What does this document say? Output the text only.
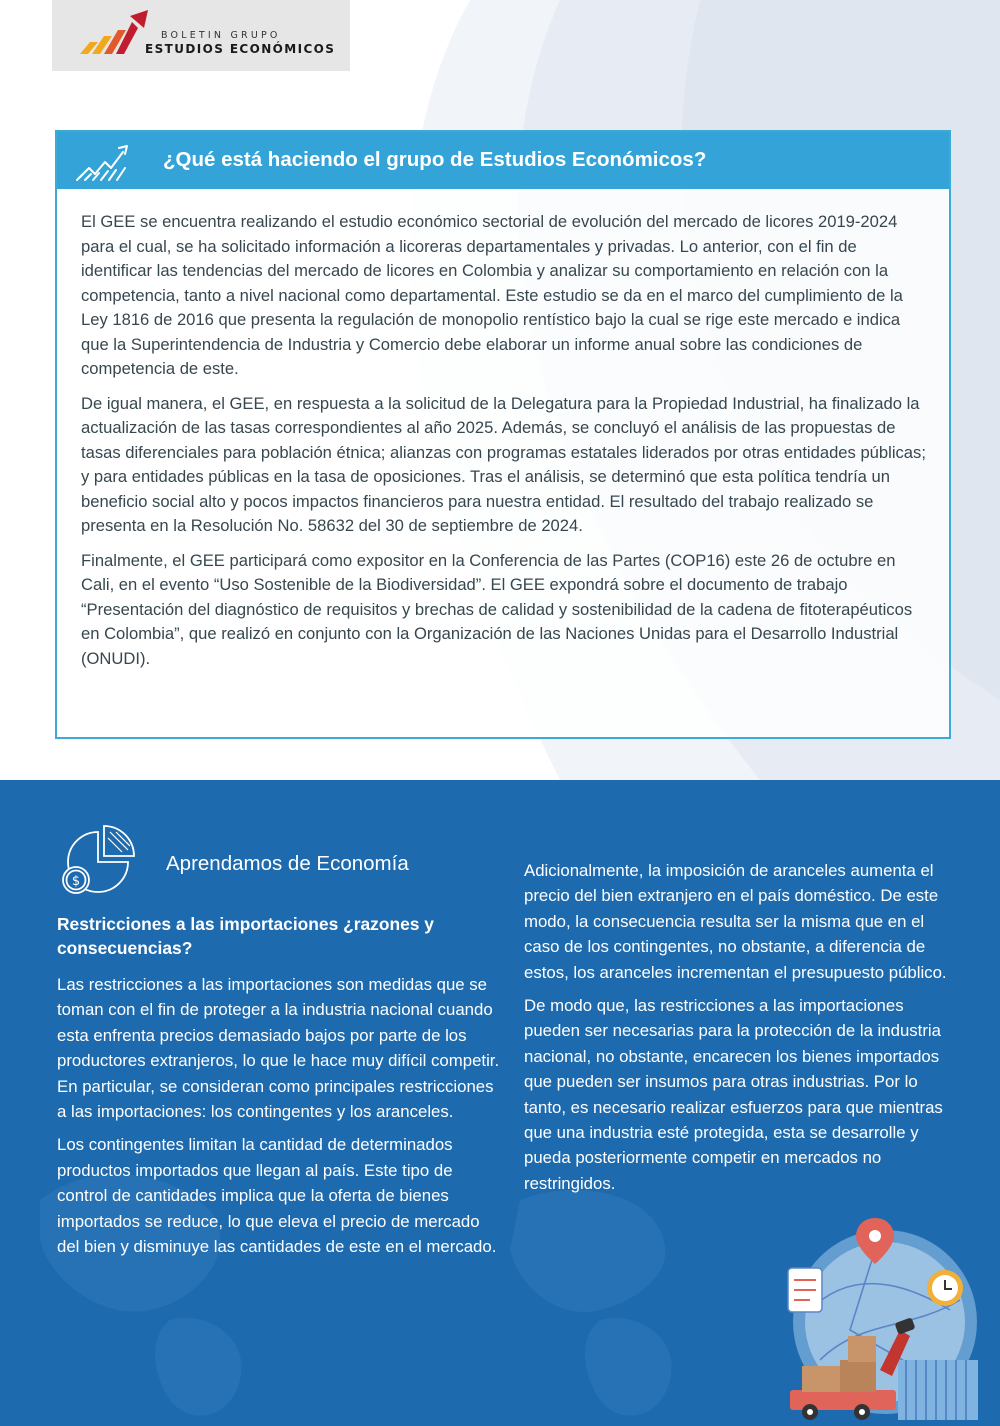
BOLETIN GRUPO
ESTUDIOS ECONÓMICOS
¿Qué está haciendo el grupo de Estudios Económicos?

El GEE se encuentra realizando el estudio económico sectorial de evolución del mercado de licores 2019-2024 para el cual, se ha solicitado información a licoreras departamentales y privadas. Lo anterior, con el fin de identificar las tendencias del mercado de licores en Colombia y analizar su comportamiento en relación con la competencia, tanto a nivel nacional como departamental. Este estudio se da en el marco del cumplimiento de la Ley 1816 de 2016 que presenta la regulación de monopolio rentístico bajo la cual se rige este mercado e indica que la Superintendencia de Industria y Comercio debe elaborar un informe anual sobre las condiciones de competencia de este.

De igual manera, el GEE, en respuesta a la solicitud de la Delegatura para la Propiedad Industrial, ha finalizado la actualización de las tasas correspondientes al año 2025. Además, se concluyó el análisis de las propuestas de tasas diferenciales para población étnica; alianzas con programas estatales liderados por otras entidades públicas; y para entidades públicas en la tasa de oposiciones. Tras el análisis, se determinó que esta política tendría un beneficio social alto y pocos impactos financieros para nuestra entidad. El resultado del trabajo realizado se presenta en la Resolución No. 58632 del 30 de septiembre de 2024.

Finalmente, el GEE participará como expositor en la Conferencia de las Partes (COP16) este 26 de octubre en Cali, en el evento “Uso Sostenible de la Biodiversidad”. El GEE expondrá sobre el documento de trabajo “Presentación del diagnóstico de requisitos y brechas de calidad y sostenibilidad de la cadena de fitoterapéuticos en Colombia”, que realizó en conjunto con la Organización de las Naciones Unidas para el Desarrollo Industrial (ONUDI).

$
Aprendamos de Economía
Restricciones a las importaciones ¿razones y consecuencias?

Las restricciones a las importaciones son medidas que se toman con el fin de proteger a la industria nacional cuando esta enfrenta precios demasiado bajos por parte de los productores extranjeros, lo que le hace muy difícil competir. En particular, se consideran como principales restricciones a las importaciones: los contingentes y los aranceles.

Los contingentes limitan la cantidad de determinados productos importados que llegan al país. Este tipo de control de cantidades implica que la oferta de bienes importados se reduce, lo que eleva el precio de mercado del bien y disminuye las cantidades de este en el mercado.

Adicionalmente, la imposición de aranceles aumenta el precio del bien extranjero en el país doméstico. De este modo, la consecuencia resulta ser la misma que en el caso de los contingentes, no obstante, a diferencia de estos, los aranceles incrementan el presupuesto público.

De modo que, las restricciones a las importaciones pueden ser necesarias para la protección de la industria nacional, no obstante, encarecen los bienes importados que pueden ser insumos para otras industrias. Por lo tanto, es necesario realizar esfuerzos para que mientras que una industria esté protegida, esta se desarrolle y pueda posteriormente competir en mercados no restringidos.
